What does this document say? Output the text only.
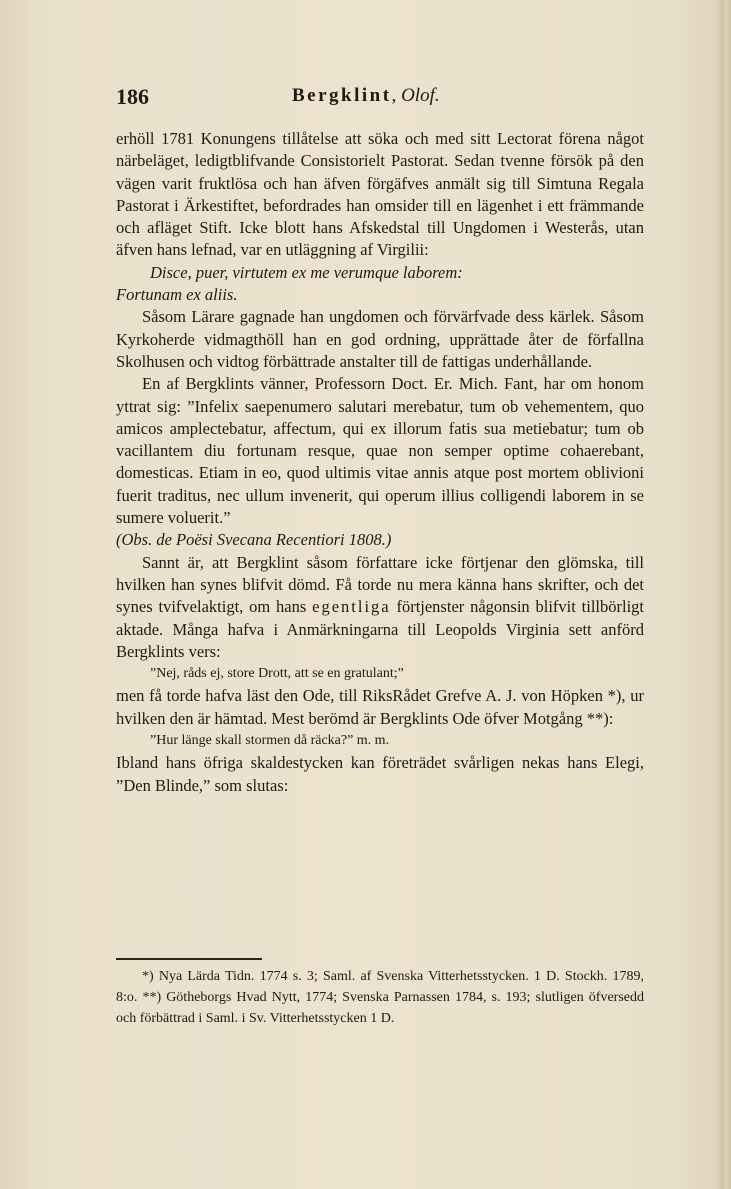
186	Bergklint, Olof.

erhöll 1781 Konungens tillåtelse att söka och med sitt Lectorat förena något närbeläget, ledigtblifvande Consistorielt Pastorat. Sedan tvenne försök på den vägen varit fruktlösa och han äfven förgäfves anmält sig till Simtuna Regala Pastorat i Ärkestiftet, befordrades han omsider till en lägenhet i ett främmande och afläget Stift. Icke blott hans Afskedstal till Ungdomen i Westerås, utan äfven hans lefnad, var en utläggning af Virgilii:

Disce, puer, virtutem ex me verumque laborem:

Fortunam ex aliis.

Såsom Lärare gagnade han ungdomen och förvärfvade dess kärlek. Såsom Kyrkoherde vidmagthöll han en god ordning, upprättade åter de förfallna Skolhusen och vidtog förbättrade anstalter till de fattigas underhållande.

En af Bergklints vänner, Professorn Doct. Er. Mich. Fant, har om honom yttrat sig: ”Infelix saepenumero salutari merebatur, tum ob vehementem, quo amicos amplectebatur, affectum, qui ex illorum fatis sua metiebatur; tum ob vacillantem diu fortunam resque, quae non semper optime cohaerebant, domesticas. Etiam in eo, quod ultimis vitae annis atque post mortem oblivioni fuerit traditus, nec ullum invenerit, qui operum illius colligendi laborem in se sumere voluerit.”

(Obs. de Poësi Svecana Recentiori 1808.)

Sannt är, att Bergklint såsom författare icke förtjenar den glömska, till hvilken han synes blifvit dömd. Få torde nu mera känna hans skrifter, och det synes tvifvelaktigt, om hans egentliga förtjenster någonsin blifvit tillbörligt aktade. Många hafva i Anmärkningarna till Leopolds Virginia sett anförd Bergklints vers:

”Nej, råds ej, store Drott, att se en gratulant;”

men få torde hafva läst den Ode, till RiksRådet Grefve A. J. von Höpken *), ur hvilken den är hämtad. Mest berömd är Bergklints Ode öfver Motgång **):

”Hur länge skall stormen då räcka?” m. m.

Ibland hans öfriga skaldestycken kan företrädet svårligen nekas hans Elegi, ”Den Blinde,” som slutas:

*) Nya Lärda Tidn. 1774 s. 3; Saml. af Svenska Vitterhetsstycken. 1 D. Stockh. 1789, 8:o. **) Götheborgs Hvad Nytt, 1774; Svenska Parnassen 1784, s. 193; slutligen öfversedd och förbättrad i Saml. i Sv. Vitterhetsstycken 1 D.
